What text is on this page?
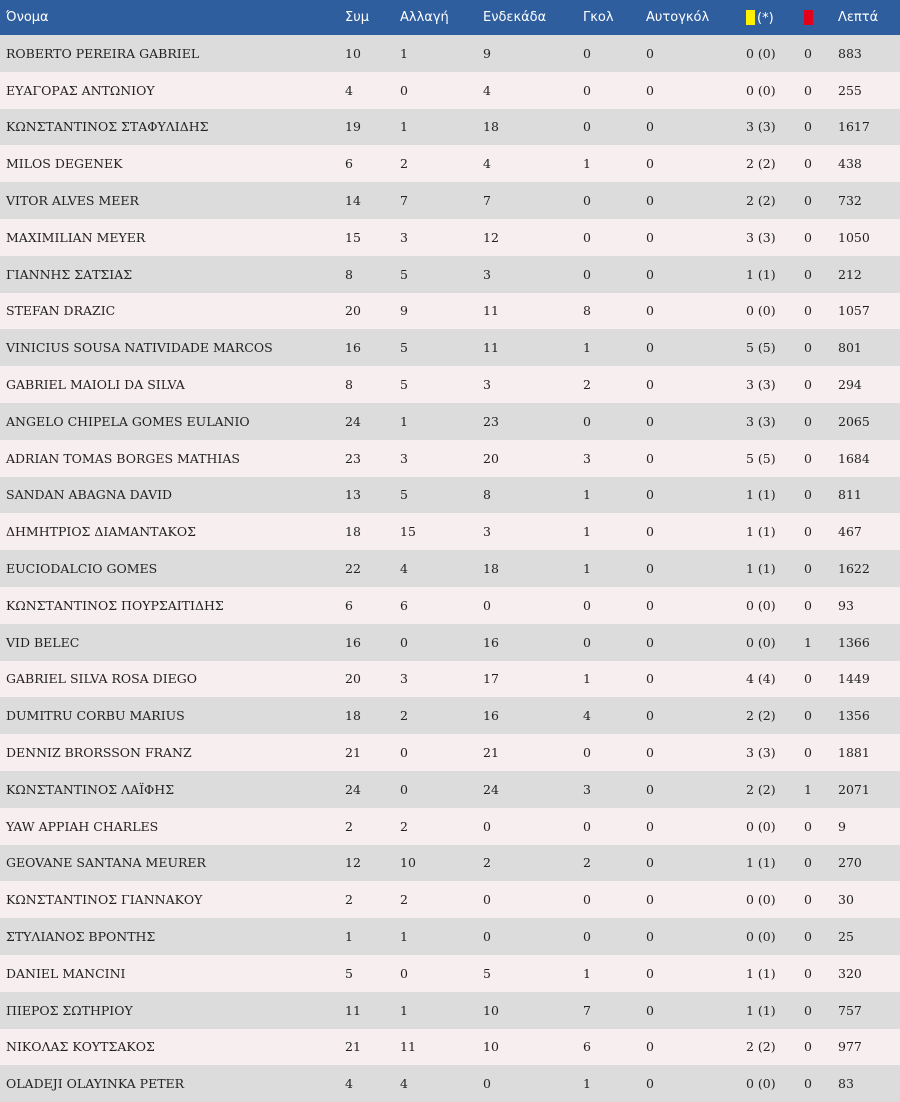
Όνομα	Συμ	Αλλαγή	Ενδεκάδα	Γκολ	Αυτογκόλ	(*)		Λεπτά
ROBERTO PEREIRA GABRIEL	10	1	9	0	0	0 (0)	0	883
ΕΥΑΓΟΡΑΣ ΑΝΤΩΝΙΟΥ	4	0	4	0	0	0 (0)	0	255
ΚΩΝΣΤΑΝΤΙΝΟΣ ΣΤΑΦΥΛΙΔΗΣ	19	1	18	0	0	3 (3)	0	1617
MILOS DEGENEK	6	2	4	1	0	2 (2)	0	438
VITOR ALVES MEER	14	7	7	0	0	2 (2)	0	732
MAXIMILIAN MEYER	15	3	12	0	0	3 (3)	0	1050
ΓΙΑΝΝΗΣ ΣΑΤΣΙΑΣ	8	5	3	0	0	1 (1)	0	212
STEFAN DRAZIC	20	9	11	8	0	0 (0)	0	1057
VINICIUS SOUSA NATIVIDADE MARCOS	16	5	11	1	0	5 (5)	0	801
GABRIEL MAIOLI DA SILVA	8	5	3	2	0	3 (3)	0	294
ANGELO CHIPELA GOMES EULANIO	24	1	23	0	0	3 (3)	0	2065
ADRIAN TOMAS BORGES MATHIAS	23	3	20	3	0	5 (5)	0	1684
SANDAN ABAGNA DAVID	13	5	8	1	0	1 (1)	0	811
ΔΗΜΗΤΡΙΟΣ ΔΙΑΜΑΝΤΑΚΟΣ	18	15	3	1	0	1 (1)	0	467
EUCIODALCIO GOMES	22	4	18	1	0	1 (1)	0	1622
ΚΩΝΣΤΑΝΤΙΝΟΣ ΠΟΥΡΣΑΙΤΙΔΗΣ	6	6	0	0	0	0 (0)	0	93
VID BELEC	16	0	16	0	0	0 (0)	1	1366
GABRIEL SILVA ROSA DIEGO	20	3	17	1	0	4 (4)	0	1449
DUMITRU CORBU MARIUS	18	2	16	4	0	2 (2)	0	1356
DENNIZ BRORSSON FRANZ	21	0	21	0	0	3 (3)	0	1881
ΚΩΝΣΤΑΝΤΙΝΟΣ ΛΑΪΦΗΣ	24	0	24	3	0	2 (2)	1	2071
YAW APPIAH CHARLES	2	2	0	0	0	0 (0)	0	9
GEOVANE SANTANA MEURER	12	10	2	2	0	1 (1)	0	270
ΚΩΝΣΤΑΝΤΙΝΟΣ ΓΙΑΝΝΑΚΟΥ	2	2	0	0	0	0 (0)	0	30
ΣΤΥΛΙΑΝΟΣ ΒΡΟΝΤΗΣ	1	1	0	0	0	0 (0)	0	25
DANIEL MANCINI	5	0	5	1	0	1 (1)	0	320
ΠΙΕΡΟΣ ΣΩΤΗΡΙΟΥ	11	1	10	7	0	1 (1)	0	757
ΝΙΚΟΛΑΣ ΚΟΥΤΣΑΚΟΣ	21	11	10	6	0	2 (2)	0	977
OLADEJI OLAYINKA PETER	4	4	0	1	0	0 (0)	0	83
